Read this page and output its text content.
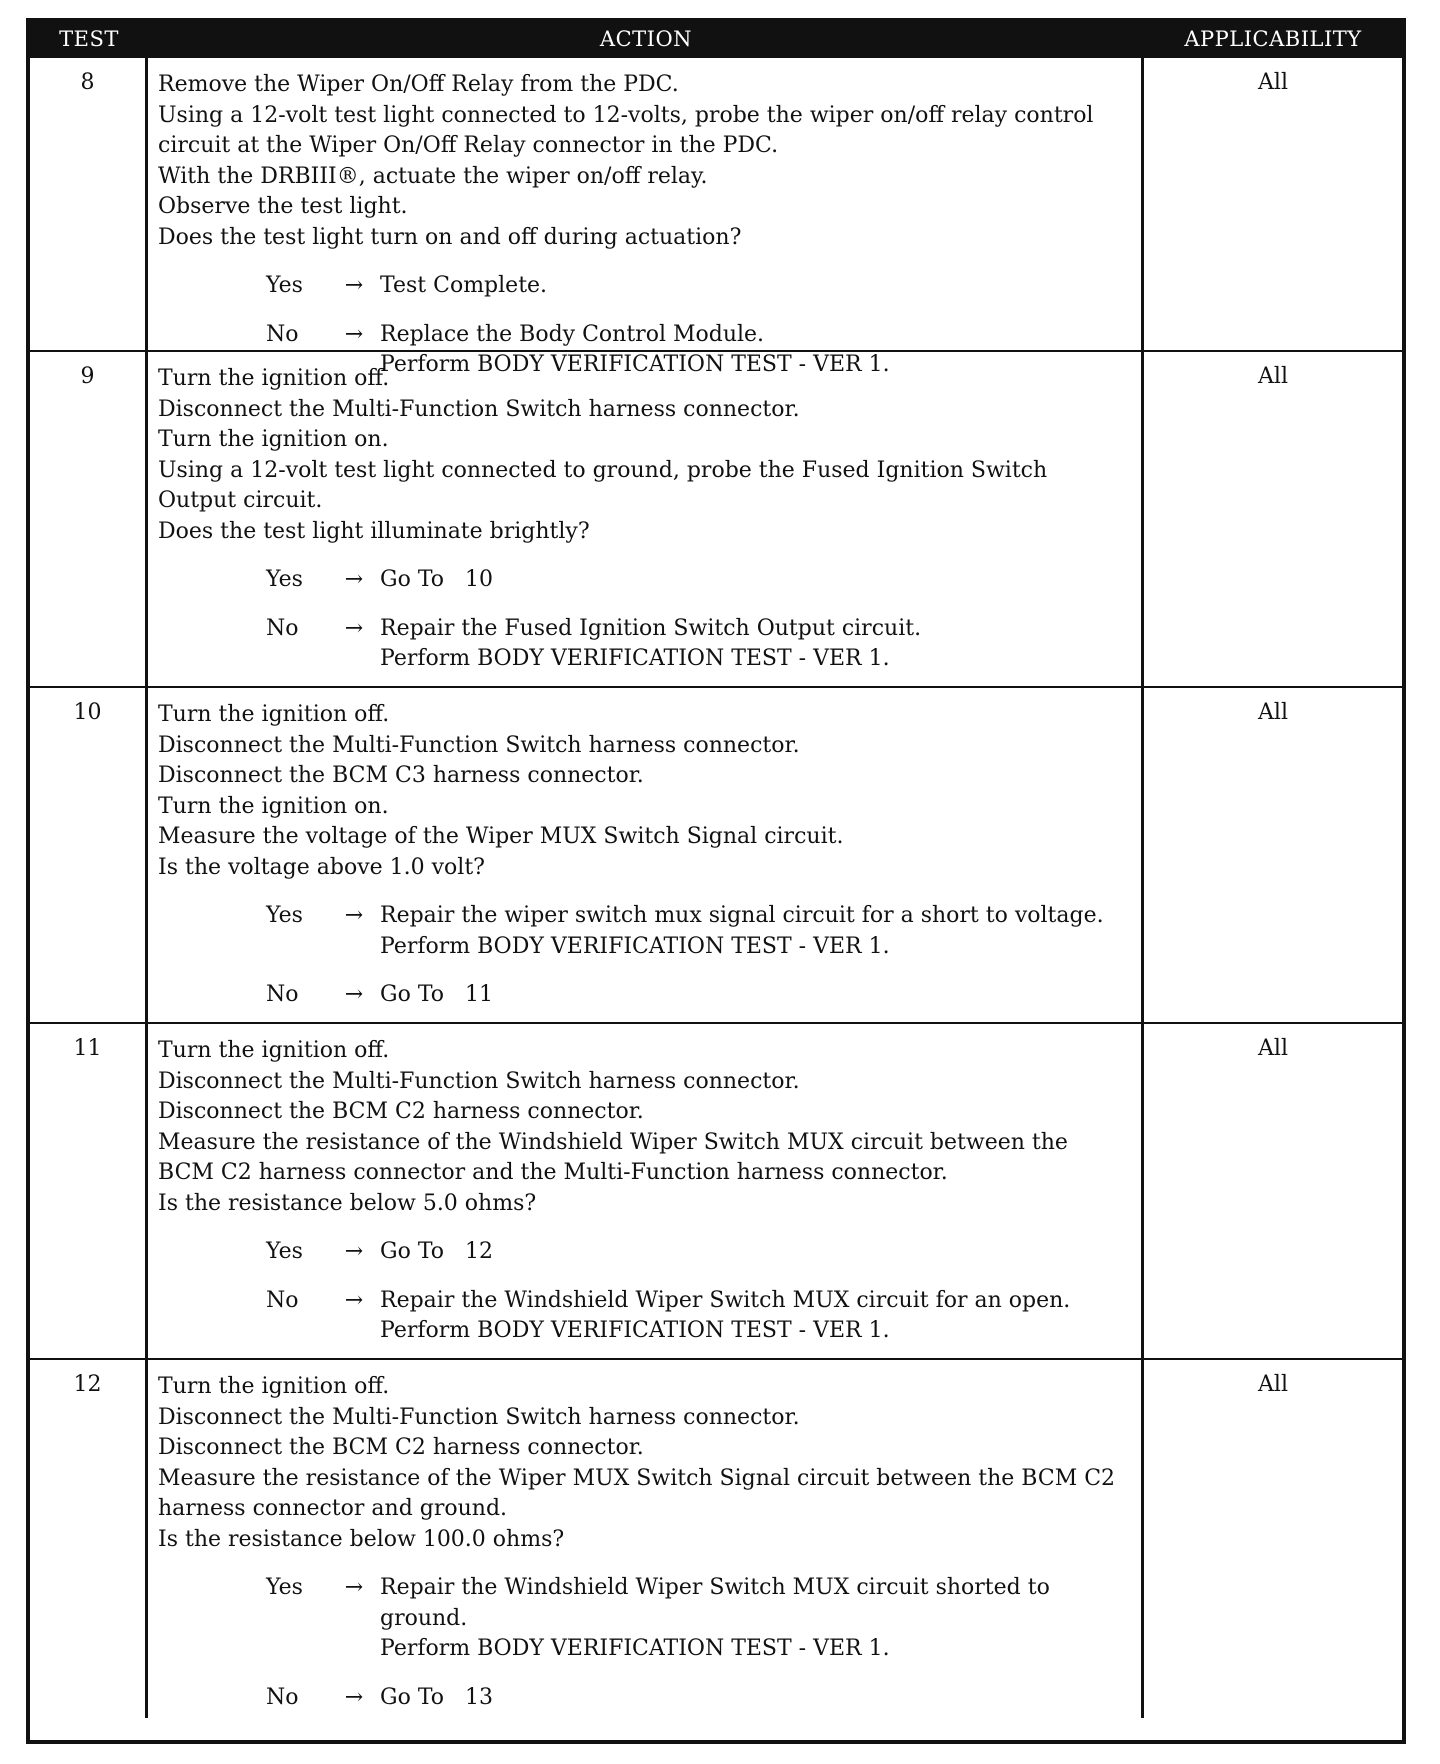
TEST	ACTION	APPLICABILITY
8	Remove the Wiper On/Off Relay from the PDC.
Using a 12-volt test light connected to 12-volts, probe the wiper on/off relay control
circuit at the Wiper On/Off Relay connector in the PDC.
With the DRBIII®, actuate the wiper on/off relay.
Observe the test light.
Does the test light turn on and off during actuation?
Yes	→ Test Complete.
No	→ Replace the Body Control Module.
Perform BODY VERIFICATION TEST - VER 1.
All
9	Turn the ignition off.
Disconnect the Multi-Function Switch harness connector.
Turn the ignition on.
Using a 12-volt test light connected to ground, probe the Fused Ignition Switch
Output circuit.
Does the test light illuminate brightly?
Yes	→ Go To   10
No	→ Repair the Fused Ignition Switch Output circuit.
Perform BODY VERIFICATION TEST - VER 1.
All
10	Turn the ignition off.
Disconnect the Multi-Function Switch harness connector.
Disconnect the BCM C3 harness connector.
Turn the ignition on.
Measure the voltage of the Wiper MUX Switch Signal circuit.
Is the voltage above 1.0 volt?
Yes	→ Repair the wiper switch mux signal circuit for a short to voltage.
Perform BODY VERIFICATION TEST - VER 1.
No	→ Go To   11
All
11	Turn the ignition off.
Disconnect the Multi-Function Switch harness connector.
Disconnect the BCM C2 harness connector.
Measure the resistance of the Windshield Wiper Switch MUX circuit between the
BCM C2 harness connector and the Multi-Function harness connector.
Is the resistance below 5.0 ohms?
Yes	→ Go To   12
No	→ Repair the Windshield Wiper Switch MUX circuit for an open.
Perform BODY VERIFICATION TEST - VER 1.
All
12	Turn the ignition off.
Disconnect the Multi-Function Switch harness connector.
Disconnect the BCM C2 harness connector.
Measure the resistance of the Wiper MUX Switch Signal circuit between the BCM C2
harness connector and ground.
Is the resistance below 100.0 ohms?
Yes	→ Repair the Windshield Wiper Switch MUX circuit shorted to
ground.
Perform BODY VERIFICATION TEST - VER 1.
No	→ Go To   13
All
